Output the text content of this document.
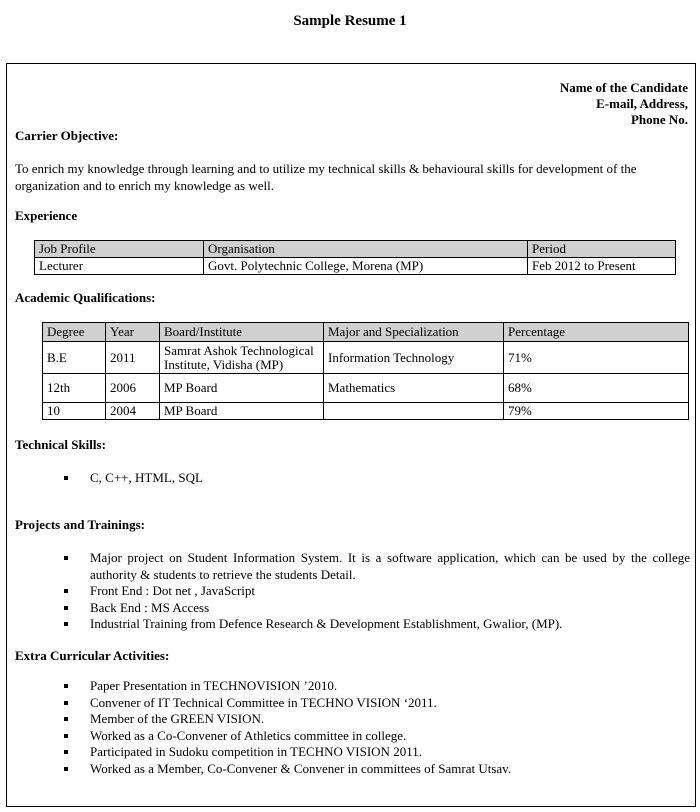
Sample Resume 1
Name of the Candidate
E-mail, Address,
Phone No.
Carrier Objective:
To enrich my knowledge through learning and to utilize my technical skills & behavioural skills for development of the organization and to enrich my knowledge as well.
Experience
Job Profile	Organisation	Period
Lecturer	Govt. Polytechnic College, Morena (MP)	Feb 2012 to Present
Academic Qualifications:
Degree	Year	Board/Institute	Major and Specialization	Percentage
B.E	2011	Samrat Ashok Technological Institute, Vidisha (MP)	Information Technology	71%
12th	2006	MP Board	Mathematics	68%
10	2004	MP Board		79%
Technical Skills:
C, C++, HTML, SQL
Projects and Trainings:
Major project on Student Information System. It is a software application, which can be used by the college authority & students to retrieve the students Detail.
Front End : Dot net , JavaScript
Back End : MS Access
Industrial Training from Defence Research & Development Establishment, Gwalior, (MP).
Extra Curricular Activities:
Paper Presentation in TECHNOVISION ’2010.
Convener of IT Technical Committee in TECHNO VISION ‘2011.
Member of the GREEN VISION.
Worked as a Co-Convener of Athletics committee in college.
Participated in Sudoku competition in TECHNO VISION 2011.
Worked as a Member, Co-Convener & Convener in committees of Samrat Utsav.
